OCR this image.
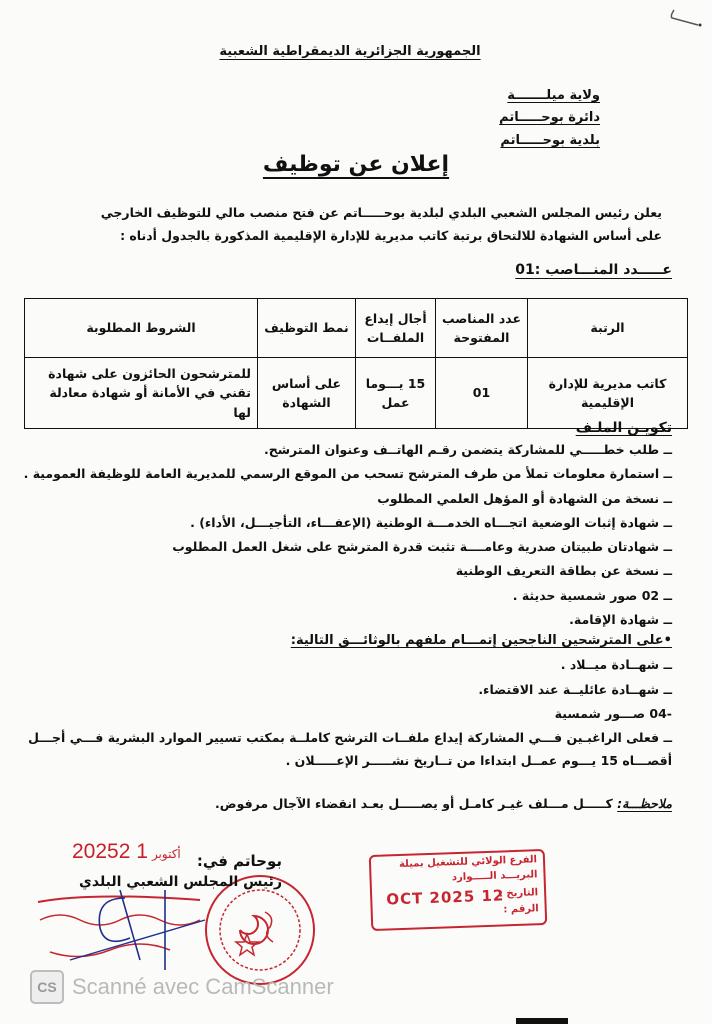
الجمهورية الجزائرية الديمقراطية الشعبية
ولاية ميلـــــــة
دائرة بوحـــــاتم
بلدية بوحـــــاتم
إعلان عن توظيف
يعلن رئيس المجلس الشعبي البلدي لبلدية بوحـــــاتم عن فتح منصب مالي للتوظيف الخارجي
على أساس الشهادة للالتحاق برتبة كاتب مديرية للإدارة الإقليمية المذكورة بالجدول أدناه :
عـــــدد المنـــاصب :01
الرتبة	عدد المناصب المفتوحة	أجال إيداع الملفــات	نمط التوظيف	الشروط المطلوبة
كاتب مديرية للإدارة الإقليمية	01	15 يـــوما عمل	على أساس الشهادة	للمترشحون الحائزون على شهادة تقني في الأمانة أو شهادة معادلة لها
تكويـن الملـف
ــ طلب خطـــــي للمشاركة يتضمن رقـم الهاتــف وعنوان المترشح.
ــ استمارة معلومات تملأ من طرف المترشح تسحب من الموقع الرسمي للمديرية العامة للوظيفة العمومية .
ــ نسخة من الشهادة أو المؤهل العلمي المطلوب
ــ شهادة إثبات الوضعية اتجـــاه الخدمـــة الوطنية (الإعفـــاء، التأجيـــل، الأداء) .
ــ شهادتان طبيتان صدرية وعامــــة تثبت قدرة المترشح على شغل العمل المطلوب
ــ نسخة عن بطاقة التعريف الوطنية
ــ 02 صور شمسية حديثة .
ــ شهادة الإقامة.
•على المترشحين الناجحين إتمـــام ملفهم بالوثائـــق التالية:
ــ شهــادة ميــلاد .
ــ شهــادة عائليــة عند الاقتضاء.
-04 صـــور شمسية
ــ فعلى الراغبـين فـــي المشاركة إيداع ملفــات الترشح كاملــة بمكتب تسيير الموارد البشرية فـــي أجـــل
أقصـــاه 15 يـــوم عمــل ابتداءا من تــاريخ نشـــــر الإعـــــلان .
ملاحظـــة: كـــــل مـــلف غيـر كامـل أو يصـــــل بعـد انقضاء الآجال مرفوض.
2025	أكتوبر1 2	بوحاتم في:
رئيس المجلس الشعبي البلدي
الفرع الولائي للتشغيل بميلة
البريـــد الـــــوارد
التاريخ :
الرقم :
12 OCT 2025
CS Scanné avec CamScanner
